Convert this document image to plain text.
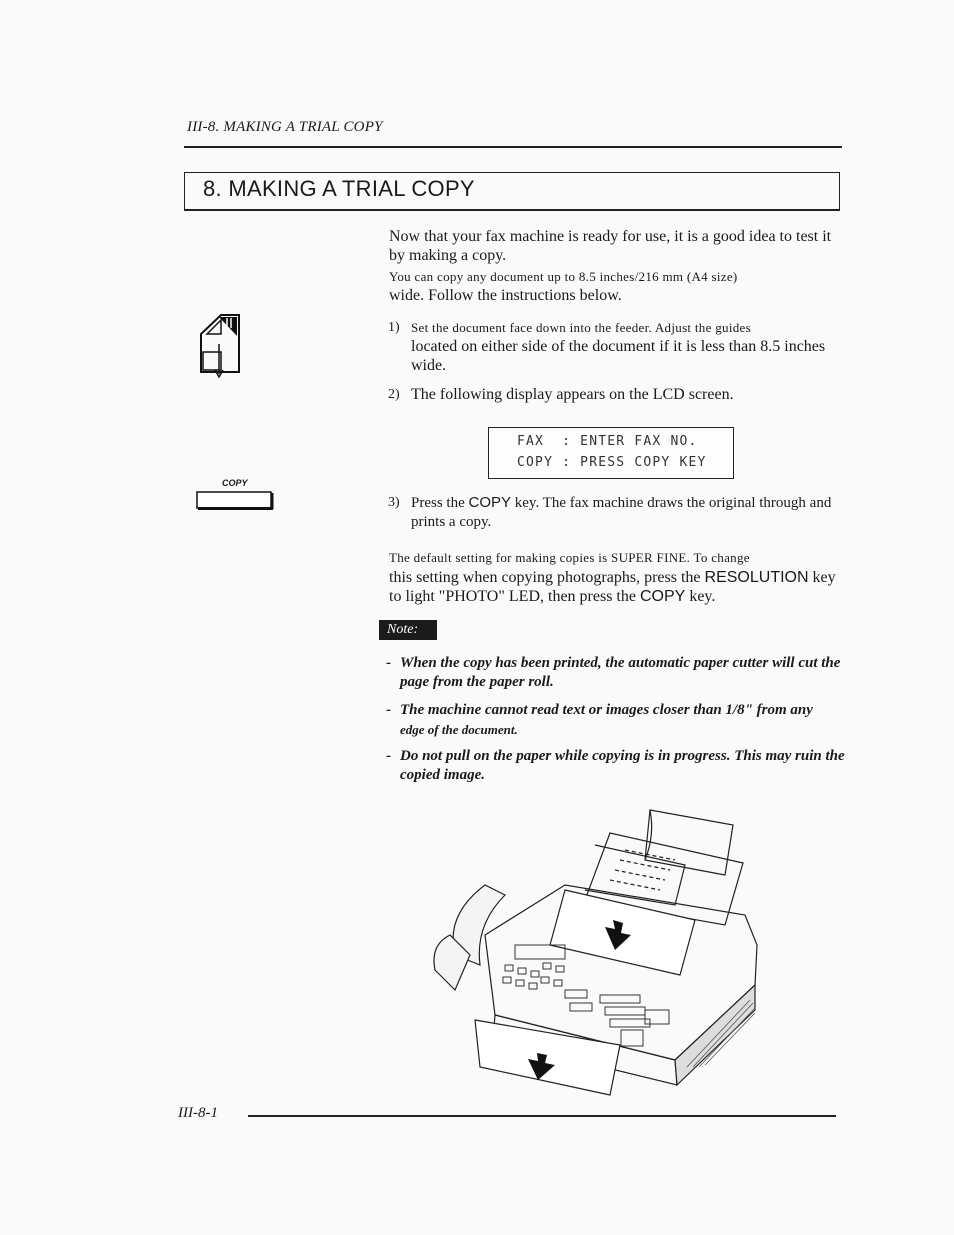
III-8. MAKING A TRIAL COPY
8. MAKING A TRIAL COPY

Now that your fax machine is ready for use, it is a good idea to test it by making a copy.

You can copy any document up to 8.5 inches/216 mm (A4 size)

wide. Follow the instructions below.

1) Set the document face down into the feeder. Adjust the guides
located on either side of the document if it is less than 8.5 inches wide.
2) The following display appears on the LCD screen.
FAX  : ENTER FAX NO.
COPY : PRESS COPY KEY
COPY
3) Press the COPY key. The fax machine draws the original through and prints a copy.

The default setting for making copies is SUPER FINE. To change

this setting when copying photographs, press the RESOLUTION key to light "PHOTO" LED, then press the COPY key.

Note:
- When the copy has been printed, the automatic paper cutter will cut the page from the paper roll.
- The machine cannot read text or images closer than 1/8" from any
edge of the document.
- Do not pull on the paper while copying is in progress. This may ruin the copied image.
III-8-1
